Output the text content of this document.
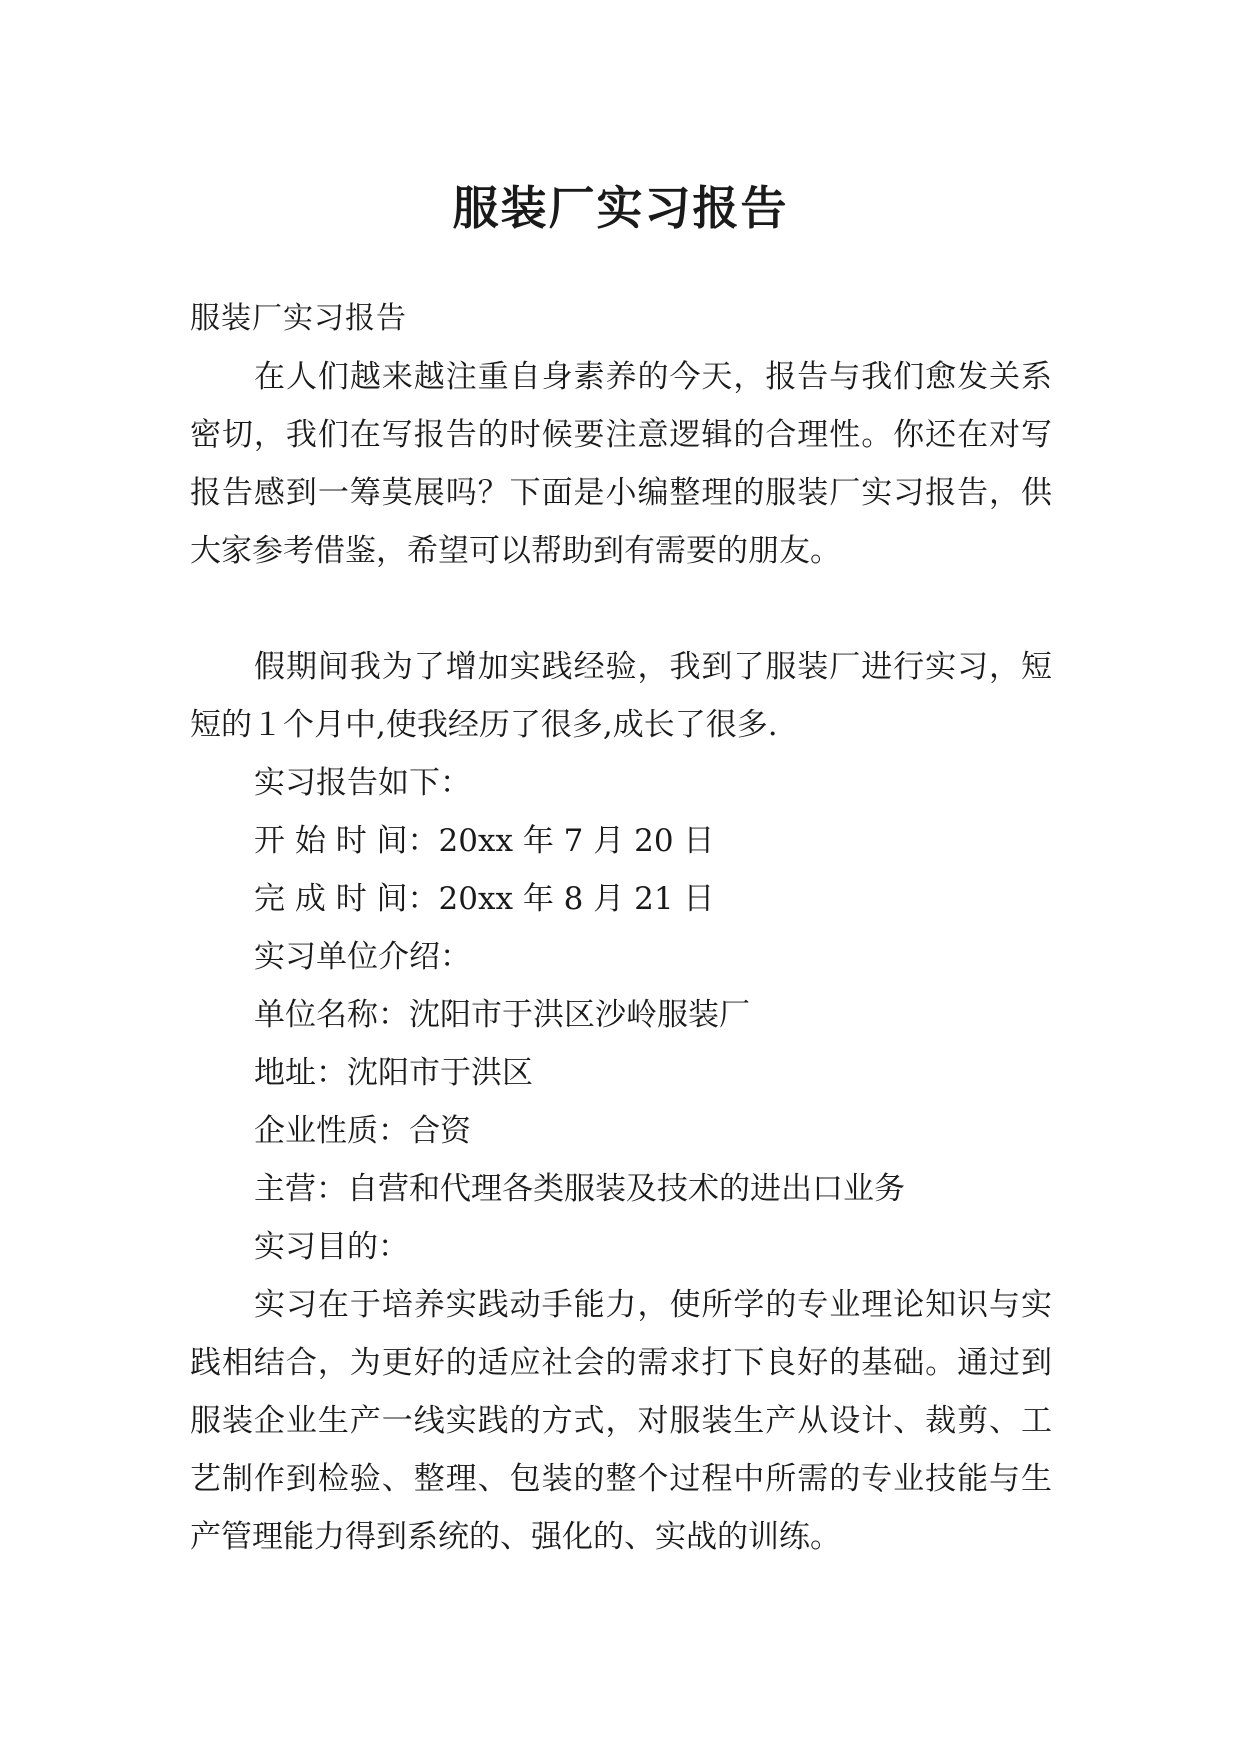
服装厂实习报告

服装厂实习报告

在人们越来越注重自身素养的今天，报告与我们愈发关系密切，我们在写报告的时候要注意逻辑的合理性。你还在对写报告感到一筹莫展吗？下面是小编整理的服装厂实习报告，供大家参考借鉴，希望可以帮助到有需要的朋友。

假期间我为了增加实践经验，我到了服装厂进行实习，短短的１个月中,使我经历了很多,成长了很多.

实习报告如下：

开 始 时 间：20xx 年 7 月 20 日

完 成 时 间：20xx 年 8 月 21 日

实习单位介绍：

单位名称：沈阳市于洪区沙岭服装厂

地址：沈阳市于洪区

企业性质：合资

主营：自营和代理各类服装及技术的进出口业务

实习目的：

实习在于培养实践动手能力，使所学的专业理论知识与实践相结合，为更好的适应社会的需求打下良好的基础。通过到服装企业生产一线实践的方式，对服装生产从设计、裁剪、工艺制作到检验、整理、包装的整个过程中所需的专业技能与生产管理能力得到系统的、强化的、实战的训练。
